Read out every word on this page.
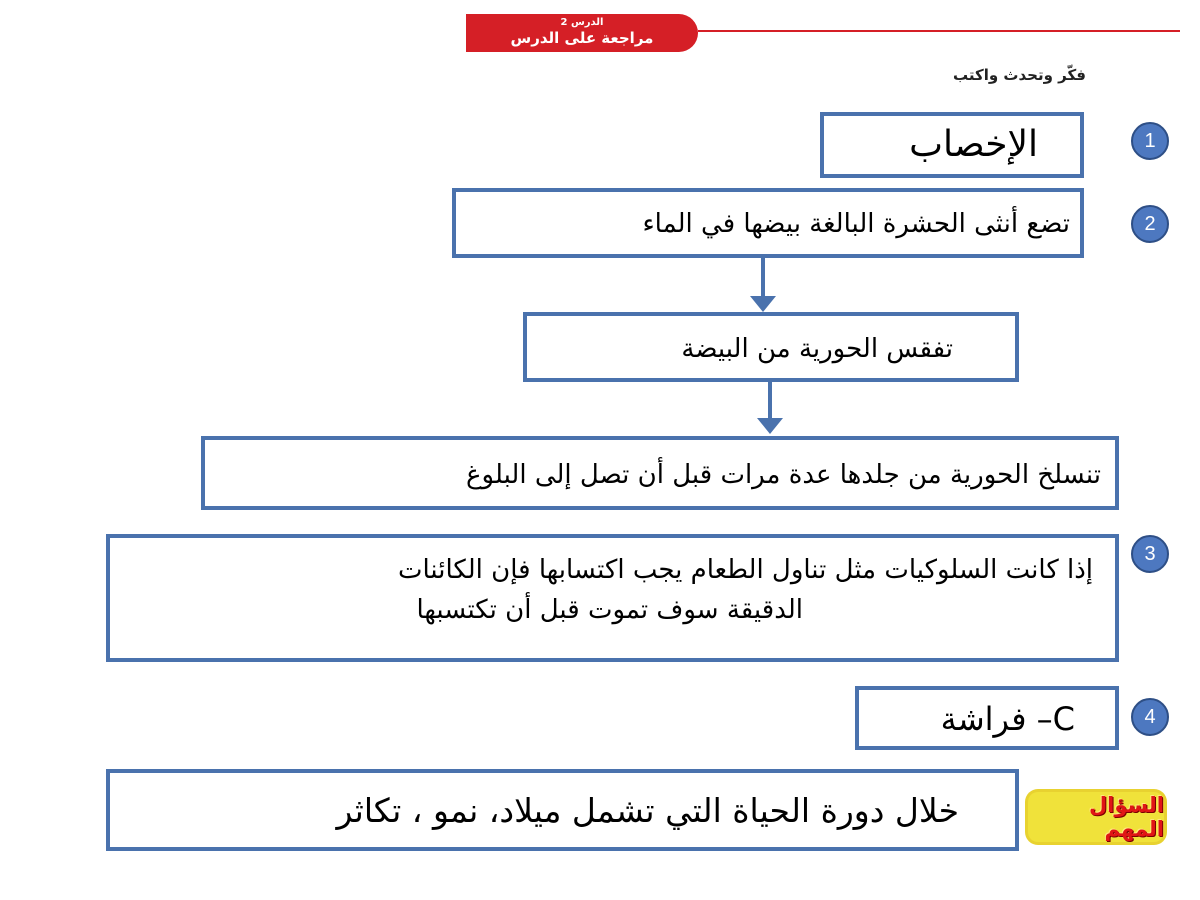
الدرس 2
مراجعة على الدرس
فكّر وتحدث واكتب
1
الإخصاب
2
تضع أنثى الحشرة البالغة بيضها في الماء
تفقس الحورية من البيضة
تنسلخ الحورية من جلدها عدة مرات قبل أن تصل إلى البلوغ
3
إذا كانت السلوكيات مثل تناول الطعام يجب اكتسابها فإن الكائنات
الدقيقة سوف تموت قبل أن تكتسبها
4
C– فراشة
السؤال المهم
خلال دورة الحياة التي تشمل ميلاد، نمو ، تكاثر
